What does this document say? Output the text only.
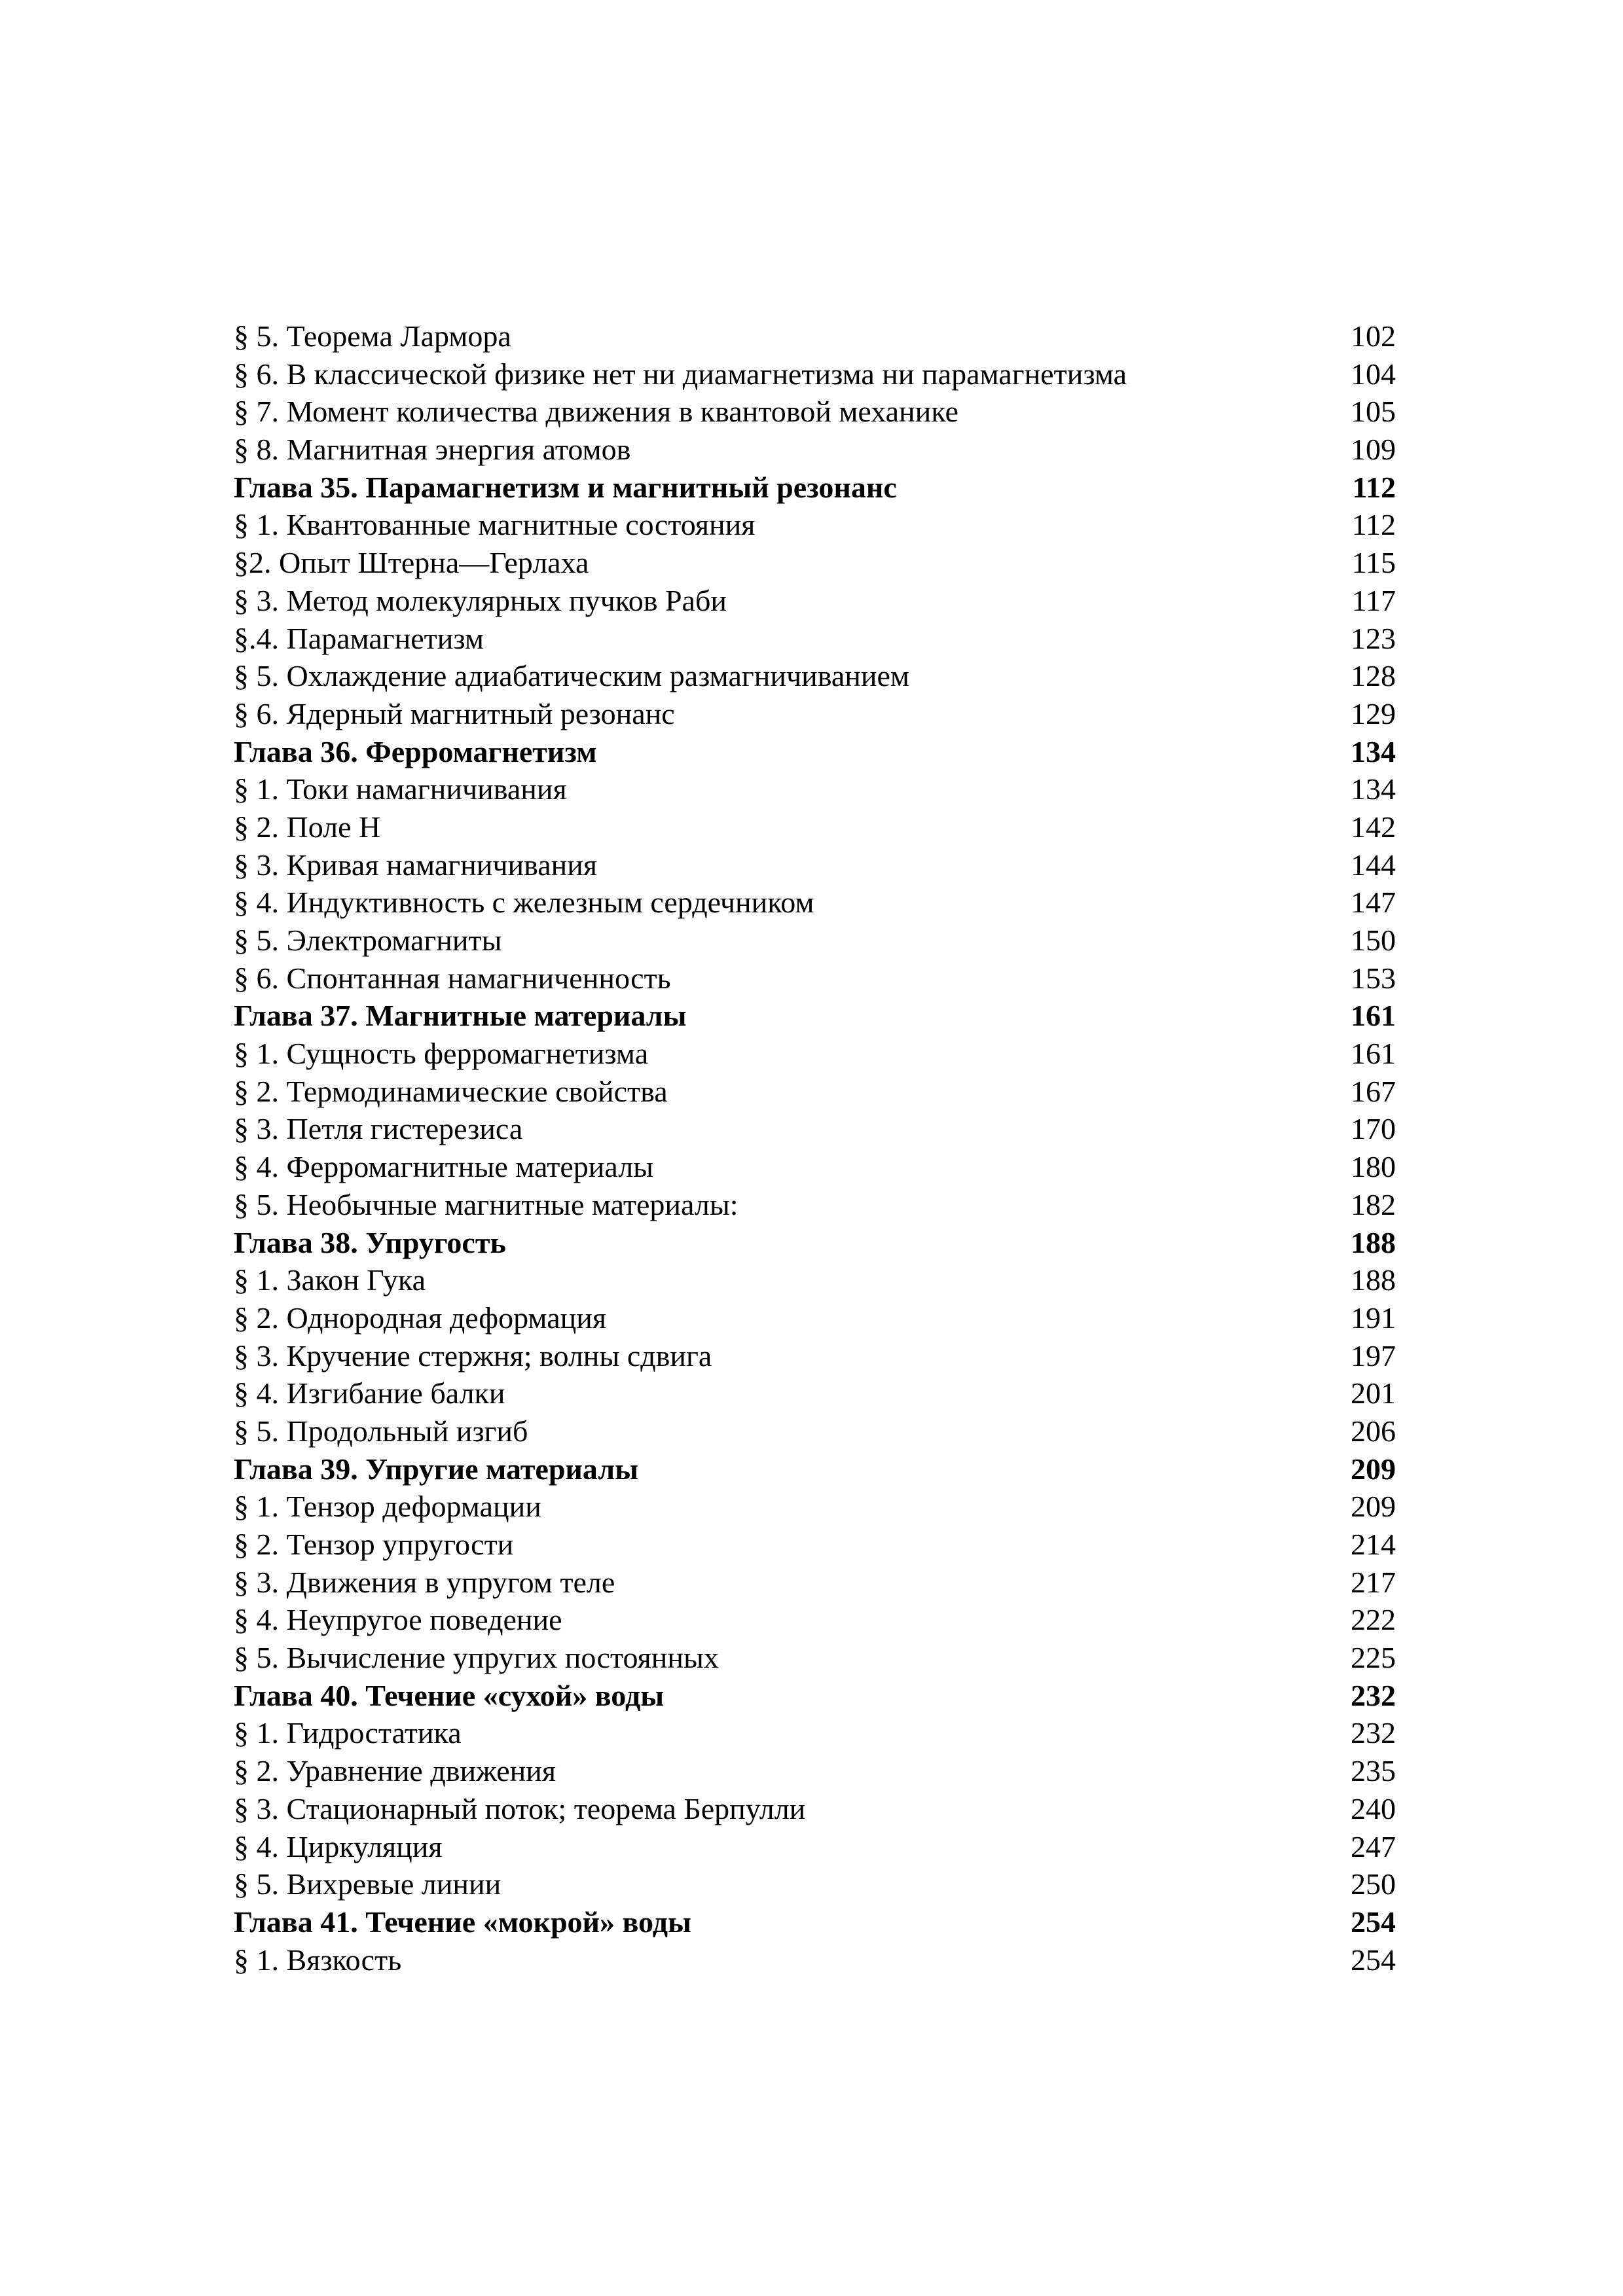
§ 5. Теорема Лармора	102
§ 6. В классической физике нет ни диамагнетизма ни парамагнетизма	104
§ 7. Момент количества движения в квантовой механике	105
§ 8. Магнитная энергия атомов	109
Глава 35. Парамагнетизм и магнитный резонанс	112
§ 1. Квантованные магнитные состояния	112
§2. Опыт Штерна—Герлаха	115
§ 3. Метод молекулярных пучков Раби	117
§.4. Парамагнетизм	123
§ 5. Охлаждение адиабатическим размагничиванием	128
§ 6. Ядерный магнитный резонанс	129
Глава 36. Ферромагнетизм	134
§ 1. Токи намагничивания	134
§ 2. Поле Н	142
§ 3. Кривая намагничивания	144
§ 4. Индуктивность с железным сердечником	147
§ 5. Электромагниты	150
§ 6. Спонтанная намагниченность	153
Глава 37. Магнитные материалы	161
§ 1. Сущность ферромагнетизма	161
§ 2. Термодинамические свойства	167
§ 3. Петля гистерезиса	170
§ 4. Ферромагнитные материалы	180
§ 5. Необычные магнитные материалы:	182
Глава 38. Упругость	188
§ 1. Закон Гука	188
§ 2. Однородная деформация	191
§ 3. Кручение стержня; волны сдвига	197
§ 4. Изгибание балки	201
§ 5. Продольный изгиб	206
Глава 39. Упругие материалы	209
§ 1. Тензор деформации	209
§ 2. Тензор упругости	214
§ 3. Движения в упругом теле	217
§ 4. Неупругое поведение	222
§ 5. Вычисление упругих постоянных	225
Глава 40. Течение «сухой» воды	232
§ 1. Гидростатика	232
§ 2. Уравнение движения	235
§ 3. Стационарный поток; теорема Берпулли	240
§ 4. Циркуляция	247
§ 5. Вихревые линии	250
Глава 41. Течение «мокрой» воды	254
§ 1. Вязкость	254
